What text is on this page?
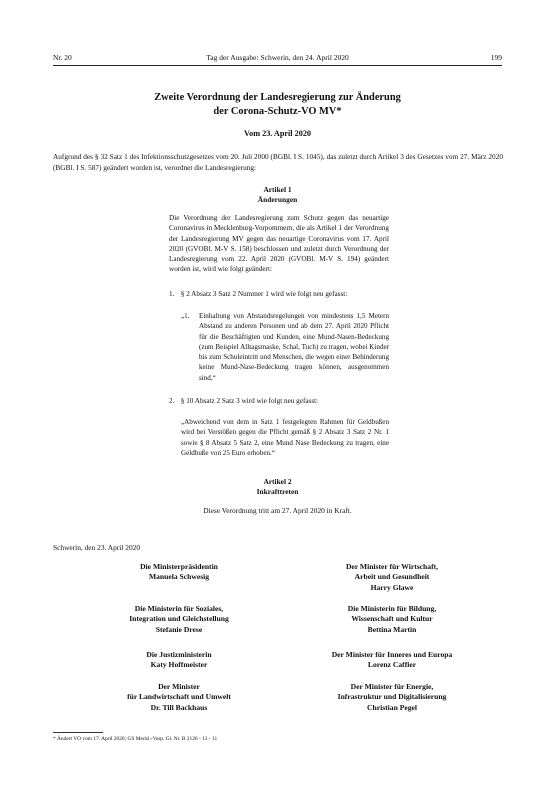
Nr. 20	Tag der Ausgabe: Schwerin, den 24. April 2020	199
Zweite Verordnung der Landesregierung zur Änderung
der Corona-Schutz-VO MV*
Vom 23. April 2020
Aufgrund des § 32 Satz 1 des Infektionsschutzgesetzes vom 20. Juli 2000 (BGBl. I S. 1045), das zuletzt durch Artikel 3 des Gesetzes vom 27. März 2020 (BGBl. I S. 587) geändert worden ist, verordnet die Landesregierung:
Artikel 1
Änderungen
Die Verordnung der Landesregierung zum Schutz gegen das neuartige Coronavirus in Mecklenburg-Vorpommern, die als Artikel 1 der Verordnung der Landesregierung MV gegen das neuartige Coronavirus vom 17. April 2020 (GVOBl. M-V S. 158) beschlossen und zuletzt durch Verordnung der Landesregierung vom 22. April 2020 (GVOBl. M-V S. 194) geändert worden ist, wird wie folgt geändert:
1. § 2 Absatz 3 Satz 2 Nummer 1 wird wie folgt neu gefasst:
„1.	Einhaltung von Abstandsregelungen von mindestens 1,5 Metern Abstand zu anderen Personen und ab dem 27. April 2020 Pflicht für die Beschäftigten und Kunden, eine Mund-Nasen-Bedeckung (zum Beispiel Alltagsmaske, Schal, Tuch) zu tragen, wobei Kinder bis zum Schuleintritt und Menschen, die wegen einer Behinderung keine Mund-Nase-Bedeckung tragen können, ausgenommen sind,“
2. § 10 Absatz 2 Satz 3 wird wie folgt neu gefasst:
„Abweichend von dem in Satz 1 festgelegten Rahmen für Geldbußen wird bei Verstößen gegen die Pflicht gemäß § 2 Absatz 3 Satz 2 Nr. 1 sowie § 8 Absatz 5 Satz 2, eine Mund Nase Bedeckung zu tragen, eine Geldbuße von 25 Euro erhoben.“
Artikel 2
Inkrafttreten
Diese Verordnung tritt am 27. April 2020 in Kraft.
Schwerin, den 23. April 2020
Die Ministerpräsidentin
Manuela Schwesig
Die Ministerin für Soziales,
Integration und Gleichstellung
Stefanie Drese
Die Justizministerin
Katy Hoffmeister
Der Minister
für Landwirtschaft und Umwelt
Dr. Till Backhaus
Der Minister für Wirtschaft,
Arbeit und Gesundheit
Harry Glawe
Die Ministerin für Bildung,
Wissenschaft und Kultur
Bettina Martin
Der Minister für Inneres und Europa
Lorenz Caffier
Der Minister für Energie,
Infrastruktur und Digitalisierung
Christian Pegel
* Ändert VO vom 17. April 2020; GS Meckl.-Vorp. Gl. Nr. B 2126 - 13 - 11
